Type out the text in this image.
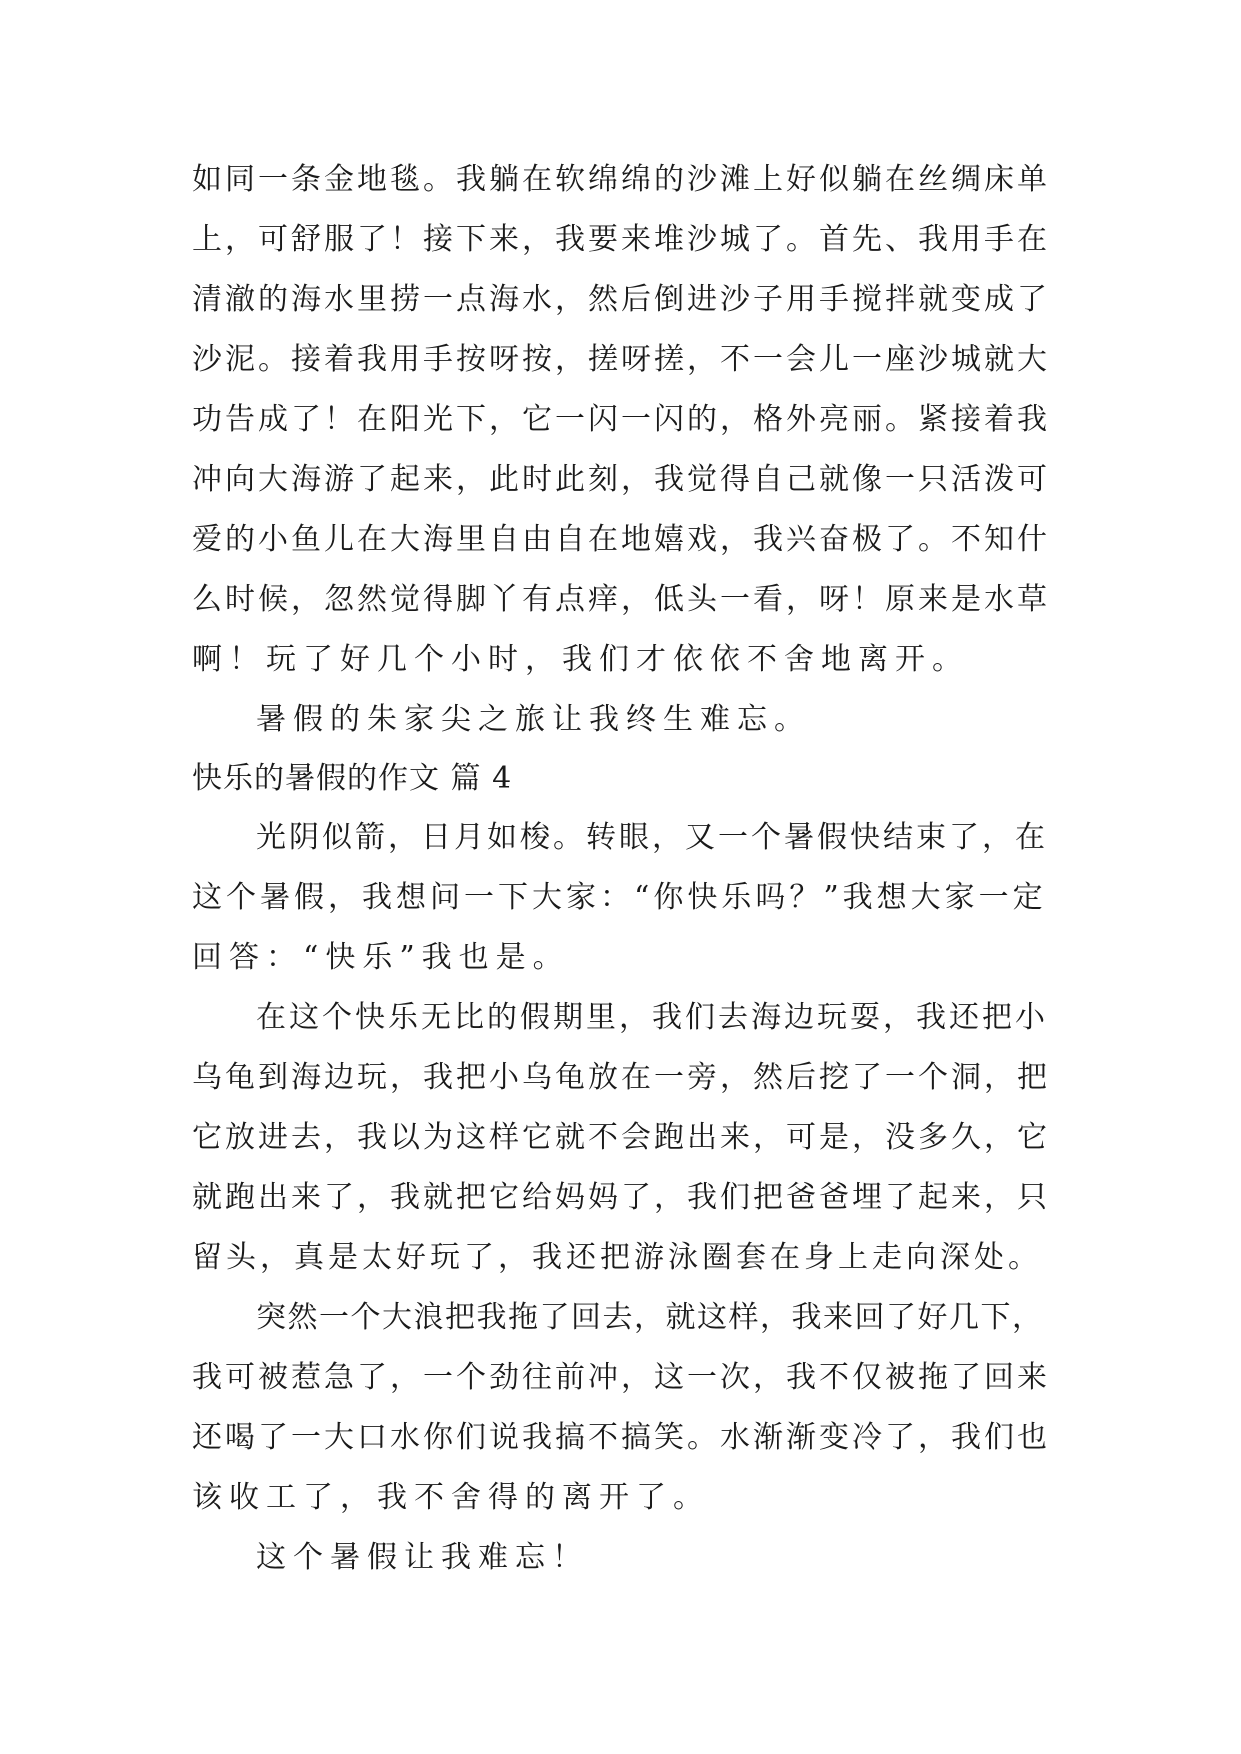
如同一条金地毯。我躺在软绵绵的沙滩上好似躺在丝绸床单
上，可舒服了！接下来，我要来堆沙城了。首先、我用手在
清澈的海水里捞一点海水，然后倒进沙子用手搅拌就变成了
沙泥。接着我用手按呀按，搓呀搓，不一会儿一座沙城就大
功告成了！在阳光下，它一闪一闪的，格外亮丽。紧接着我
冲向大海游了起来，此时此刻，我觉得自己就像一只活泼可
爱的小鱼儿在大海里自由自在地嬉戏，我兴奋极了。不知什
么时候，忽然觉得脚丫有点痒，低头一看，呀！原来是水草
啊！玩了好几个小时，我们才依依不舍地离开。
暑假的朱家尖之旅让我终生难忘。
快乐的暑假的作文 篇 4
光阴似箭，日月如梭。转眼，又一个暑假快结束了，在
这个暑假，我想问一下大家：“你快乐吗？”我想大家一定
回答：“快乐”我也是。
在这个快乐无比的假期里，我们去海边玩耍，我还把小
乌龟到海边玩，我把小乌龟放在一旁，然后挖了一个洞，把
它放进去，我以为这样它就不会跑出来，可是，没多久，它
就跑出来了，我就把它给妈妈了，我们把爸爸埋了起来，只
留头，真是太好玩了，我还把游泳圈套在身上走向深处。
突然一个大浪把我拖了回去，就这样，我来回了好几下，
我可被惹急了，一个劲往前冲，这一次，我不仅被拖了回来
还喝了一大口水你们说我搞不搞笑。水渐渐变冷了，我们也
该收工了，我不舍得的离开了。
这个暑假让我难忘！
